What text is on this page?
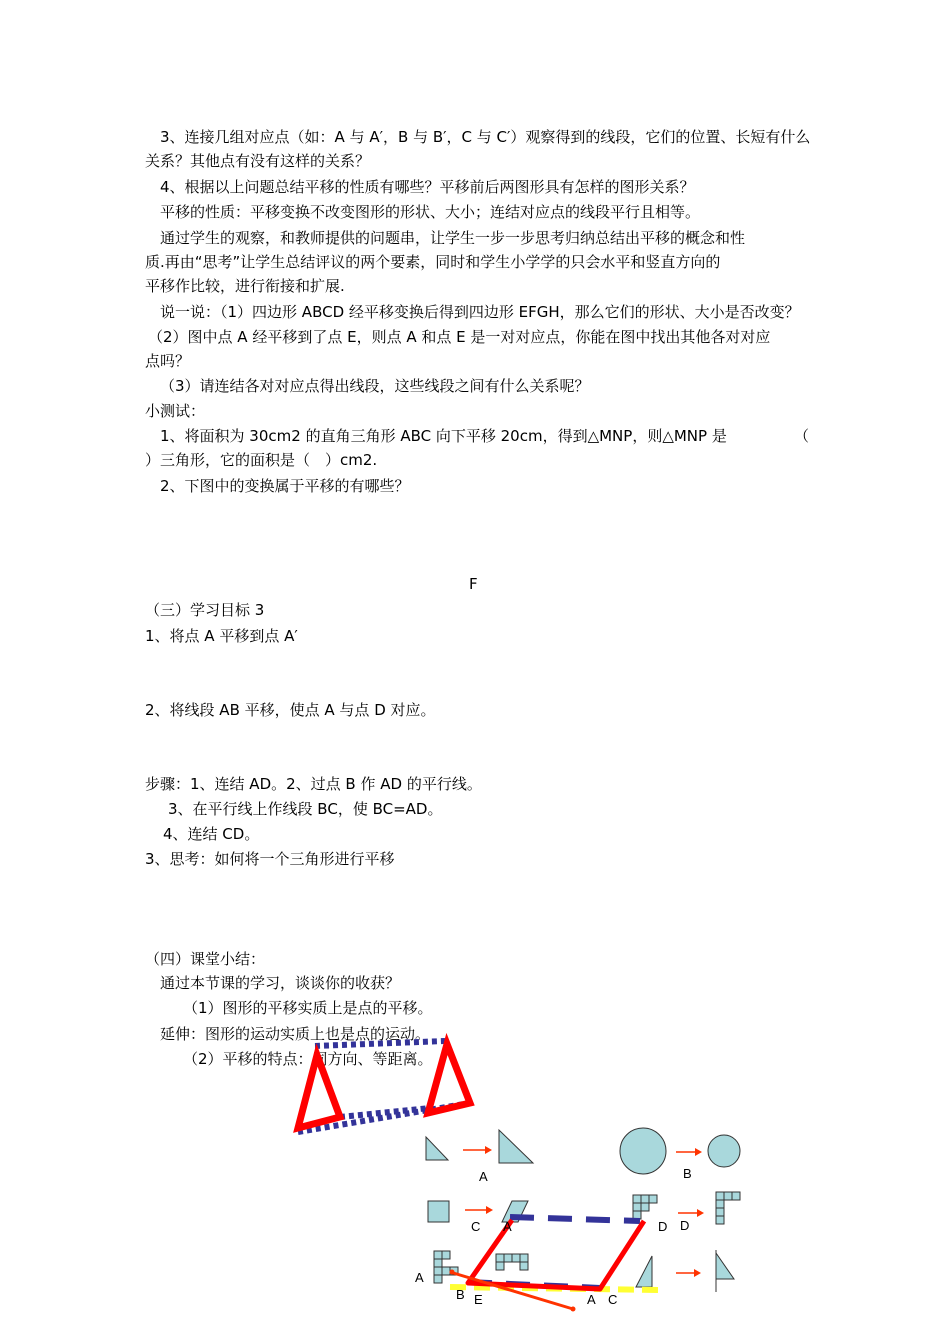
3、连接几组对应点（如：A 与 A′，B 与 B′，C 与 C′）观察得到的线段，它们的位置、长短有什么
关系？其他点有没有这样的关系？
4、根据以上问题总结平移的性质有哪些？平移前后两图形具有怎样的图形关系？
平移的性质：平移变换不改变图形的形状、大小；连结对应点的线段平行且相等。
通过学生的观察，和教师提供的问题串，让学生一步一步思考归纳总结出平移的概念和性
质.再由“思考”让学生总结评议的两个要素，同时和学生小学学的只会水平和竖直方向的
平移作比较，进行衔接和扩展.
说一说：（1）四边形 ABCD 经平移变换后得到四边形 EFGH，那么它们的形状、大小是否改变？
（2）图中点 A 经平移到了点 E，则点 A 和点 E 是一对对应点，你能在图中找出其他各对对应
点吗？
（3）请连结各对对应点得出线段，这些线段之间有什么关系呢？
小测试：
1、将面积为 30cm2 的直角三角形 ABC 向下平移 20cm，得到△MNP，则△MNP 是	（
）三角形，它的面积是（　）cm2.
2、下图中的变换属于平移的有哪些？
F
（三）学习目标 3
1、将点 A 平移到点 A′
2、将线段 AB 平移，使点 A 与点 D 对应。
步骤：1、连结 AD。2、过点 B 作 AD 的平行线。
3、在平行线上作线段 BC，使 BC=AD。
4、连结 CD。
3、思考：如何将一个三角形进行平移
（四）课堂小结：
通过本节课的学习，谈谈你的收获？
（1）图形的平移实质上是点的平移。
延伸：图形的运动实质上也是点的运动。
（2）平移的特点：同方向、等距离。
A	B
C A	D D
A
B E	A C
